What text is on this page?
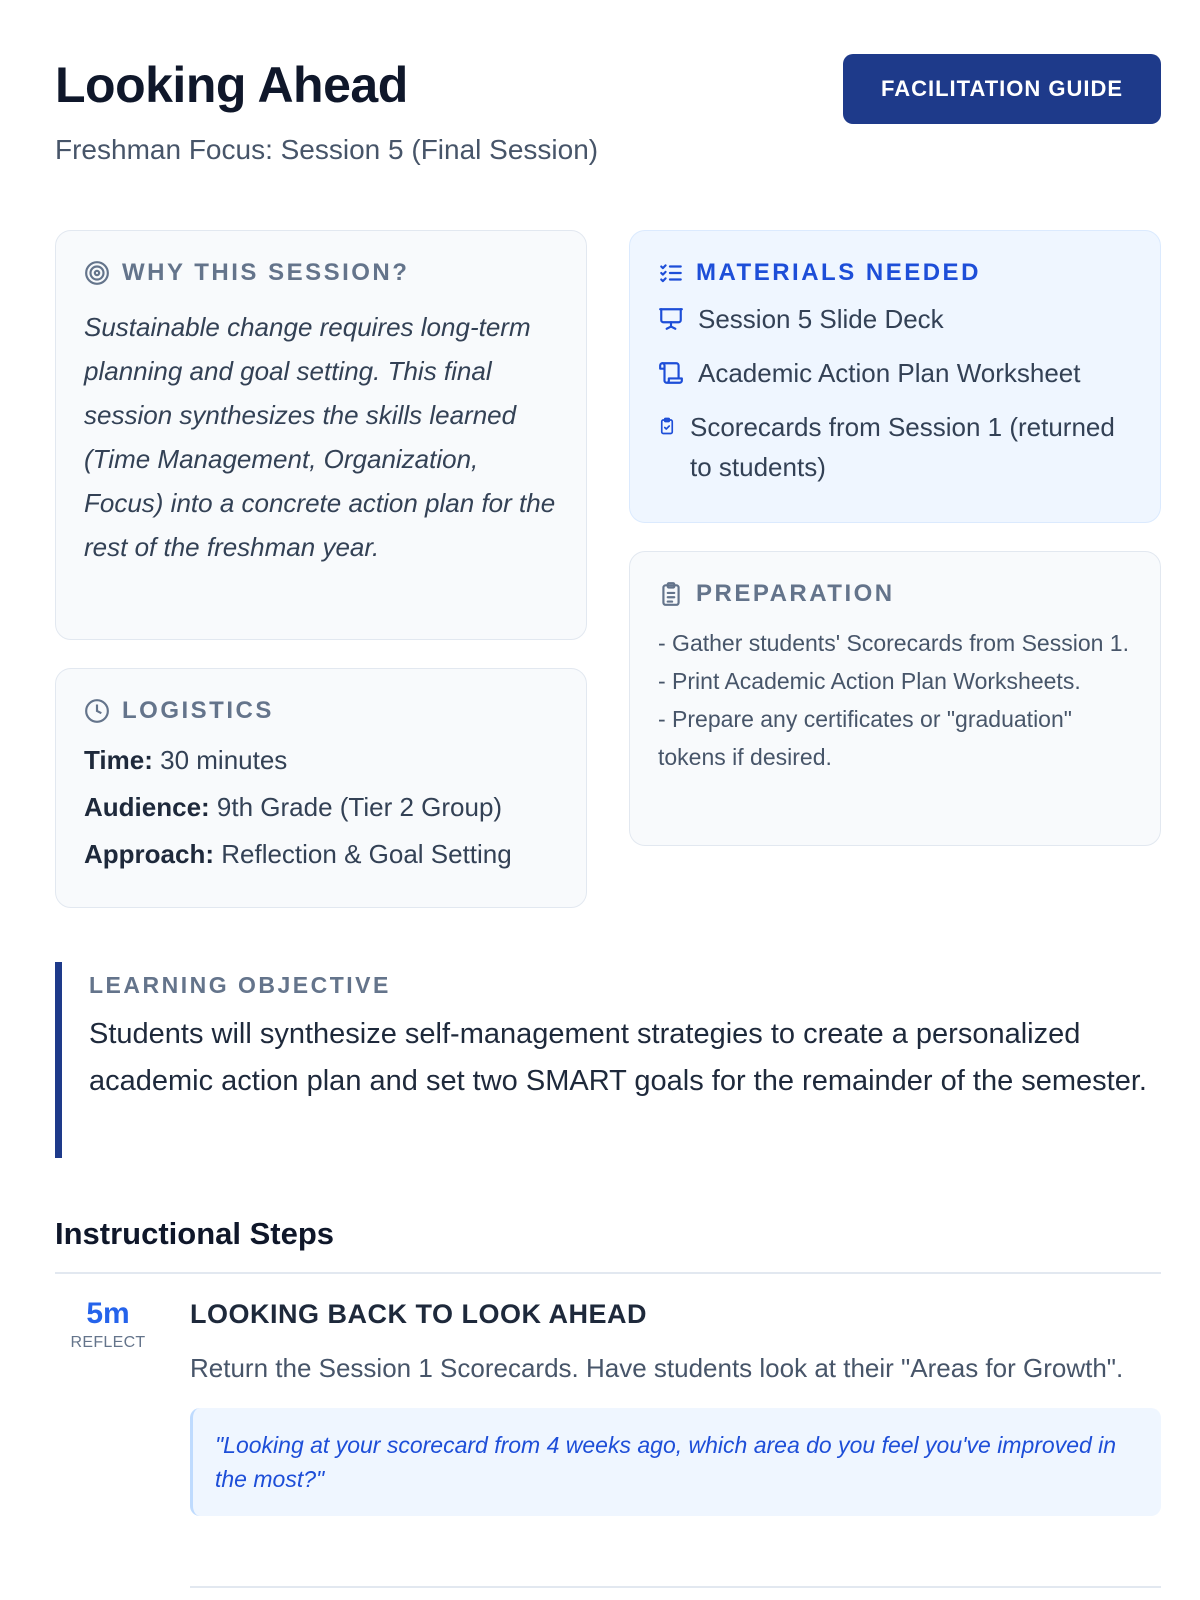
Looking Ahead
Freshman Focus: Session 5 (Final Session)
FACILITATION GUIDE
WHY THIS SESSION?

Sustainable change requires long-term planning and goal setting. This final session synthesizes the skills learned (Time Management, Organization, Focus) into a concrete action plan for the rest of the freshman year.

LOGISTICS
Time: 30 minutes
Audience: 9th Grade (Tier 2 Group)
Approach: Reflection & Goal Setting
MATERIALS NEEDED
Session 5 Slide Deck
Academic Action Plan Worksheet
Scorecards from Session 1 (returned to students)
PREPARATION
- Gather students' Scorecards from Session 1.
- Print Academic Action Plan Worksheets.
- Prepare any certificates or "graduation" tokens if desired.
LEARNING OBJECTIVE

Students will synthesize self-management strategies to create a personalized academic action plan and set two SMART goals for the remainder of the semester.

Instructional Steps
5m
REFLECT
LOOKING BACK TO LOOK AHEAD

Return the Session 1 Scorecards. Have students look at their "Areas for Growth".

"Looking at your scorecard from 4 weeks ago, which area do you feel you've improved in the most?"
